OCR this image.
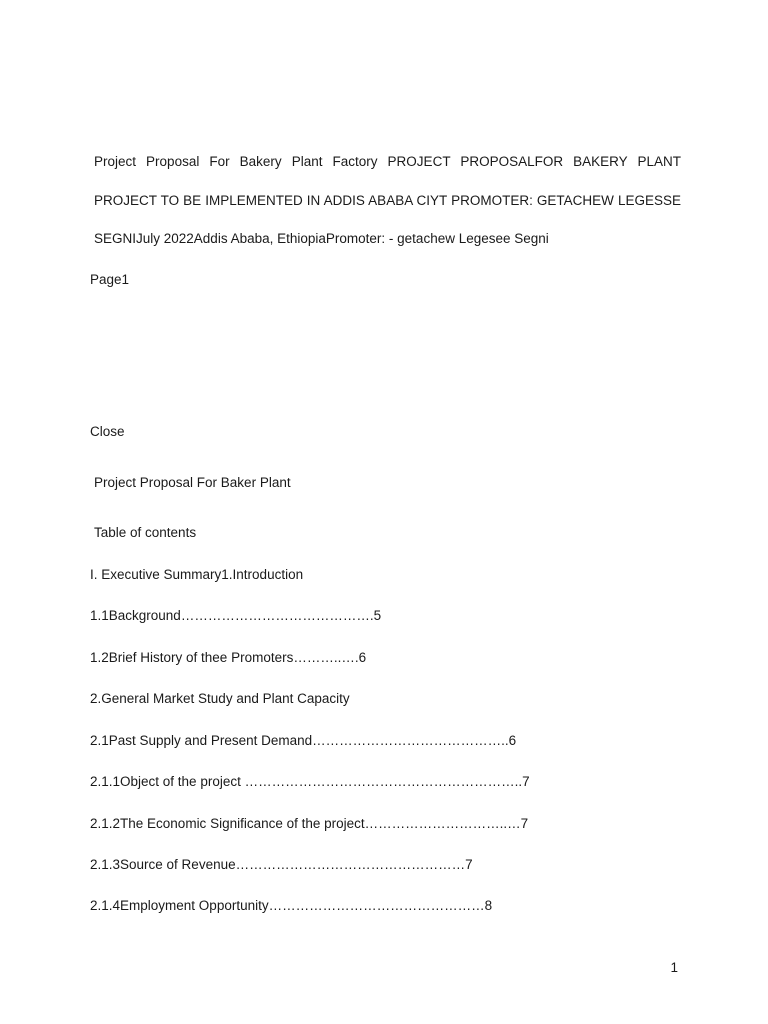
Project Proposal For Bakery Plant Factory PROJECT PROPOSALFOR BAKERY PLANT PROJECT TO BE IMPLEMENTED IN ADDIS ABABA CIYT PROMOTER: GETACHEW LEGESSE SEGNIJuly 2022Addis Ababa, EthiopiaPromoter: - getachew Legesee Segni

Page1

Close

Project Proposal For Baker Plant

Table of contents

I. Executive Summary1.Introduction

1.1Background…………………………………….5

1.2Brief History of thee Promoters………..….6

2.General Market Study and Plant Capacity

2.1Past Supply and Present Demand……………………………………..6

2.1.1Object of the project ……………………………………………………..7

2.1.2The Economic Significance of the project…………………………..…7

2.1.3Source of Revenue……………………………………………7

2.1.4Employment Opportunity…………………………………………8

1
